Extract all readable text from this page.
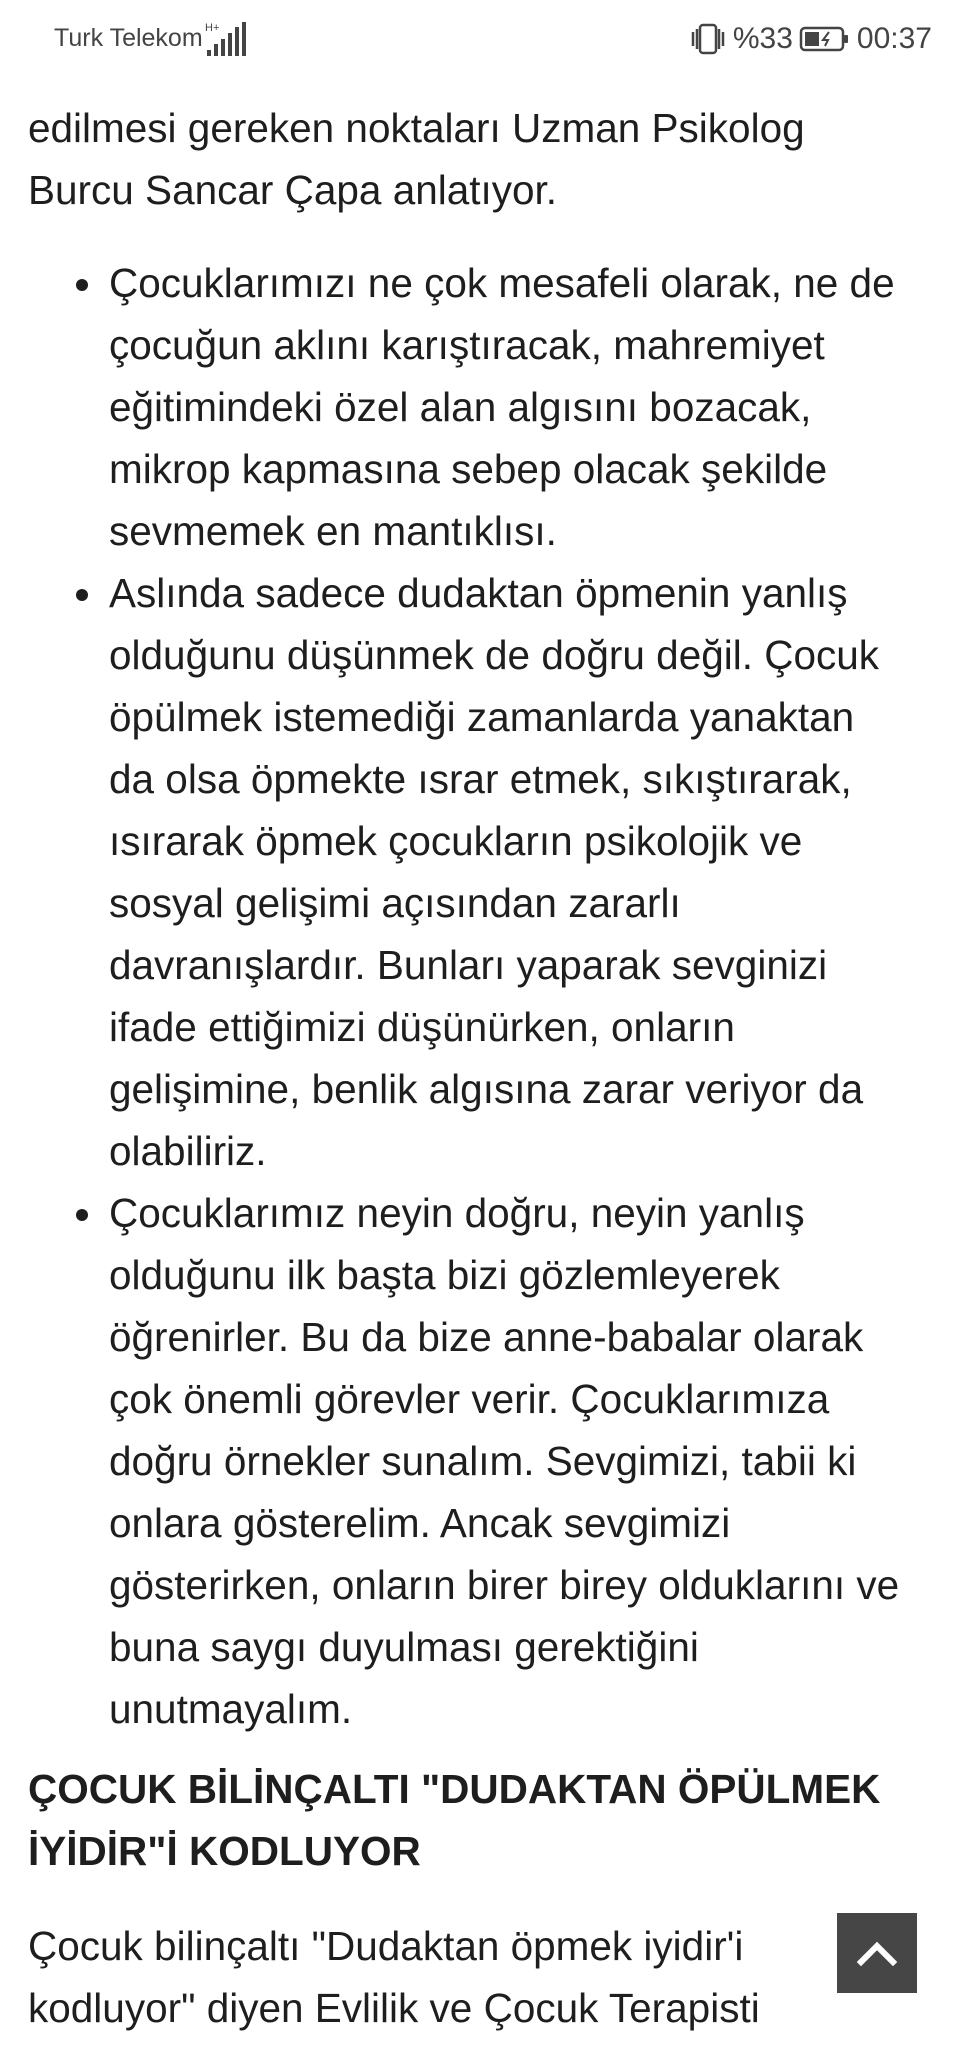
Turk Telekom H+	%33 00:37
edilmesi gereken noktaları Uzman Psikolog
Burcu Sancar Çapa anlatıyor.
Çocuklarımızı ne çok mesafeli olarak, ne de
çocuğun aklını karıştıracak, mahremiyet
eğitimindeki özel alan algısını bozacak,
mikrop kapmasına sebep olacak şekilde
sevmemek en mantıklısı.
Aslında sadece dudaktan öpmenin yanlış
olduğunu düşünmek de doğru değil. Çocuk
öpülmek istemediği zamanlarda yanaktan
da olsa öpmekte ısrar etmek, sıkıştırarak,
ısırarak öpmek çocukların psikolojik ve
sosyal gelişimi açısından zararlı
davranışlardır. Bunları yaparak sevginizi
ifade ettiğimizi düşünürken, onların
gelişimine, benlik algısına zarar veriyor da
olabiliriz.
Çocuklarımız neyin doğru, neyin yanlış
olduğunu ilk başta bizi gözlemleyerek
öğrenirler. Bu da bize anne-babalar olarak
çok önemli görevler verir. Çocuklarımıza
doğru örnekler sunalım. Sevgimizi, tabii ki
onlara gösterelim. Ancak sevgimizi
gösterirken, onların birer birey olduklarını ve
buna saygı duyulması gerektiğini
unutmayalım.
ÇOCUK BİLİNÇALTI "DUDAKTAN ÖPÜLMEK
İYİDİR"İ KODLUYOR
Çocuk bilinçaltı "Dudaktan öpmek iyidir'i
kodluyor" diyen Evlilik ve Çocuk Terapisti
